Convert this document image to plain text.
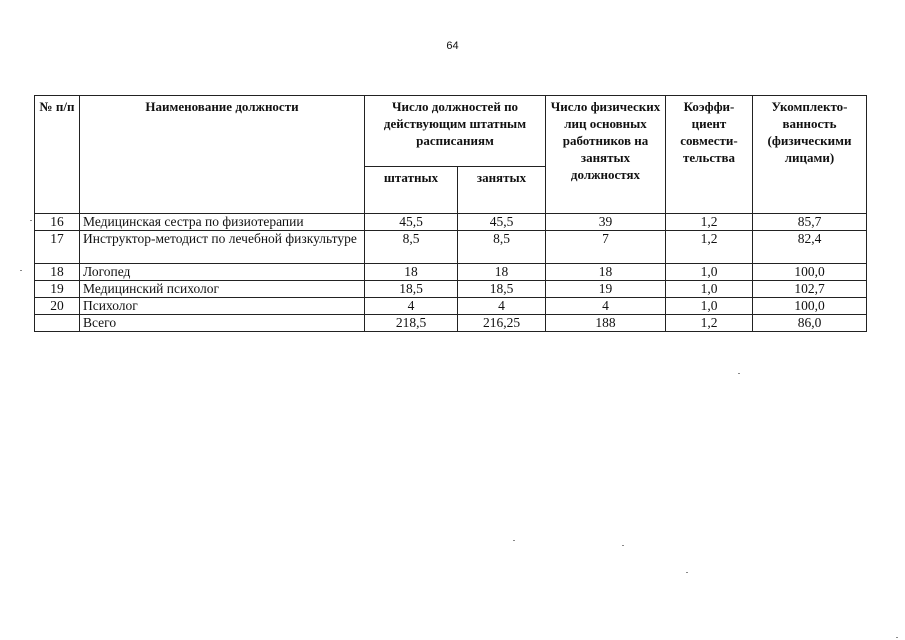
64
№ п/п	Наименование должности	Число должностей по действующим штатным расписаниям		Число физических лиц основных работников на занятых должностях	Коэффи-циент совмести-тельства	Укомплекто-ванность (физическими лицами)
		штатных	занятых			
16	Медицинская сестра по физиотерапии	45,5	45,5	39	1,2	85,7
17	Инструктор-методист по лечебной физкультуре	8,5	8,5	7	1,2	82,4
18	Логопед	18	18	18	1,0	100,0
19	Медицинский психолог	18,5	18,5	19	1,0	102,7
20	Психолог	4	4	4	1,0	100,0
	Всего	218,5	216,25	188	1,2	86,0
